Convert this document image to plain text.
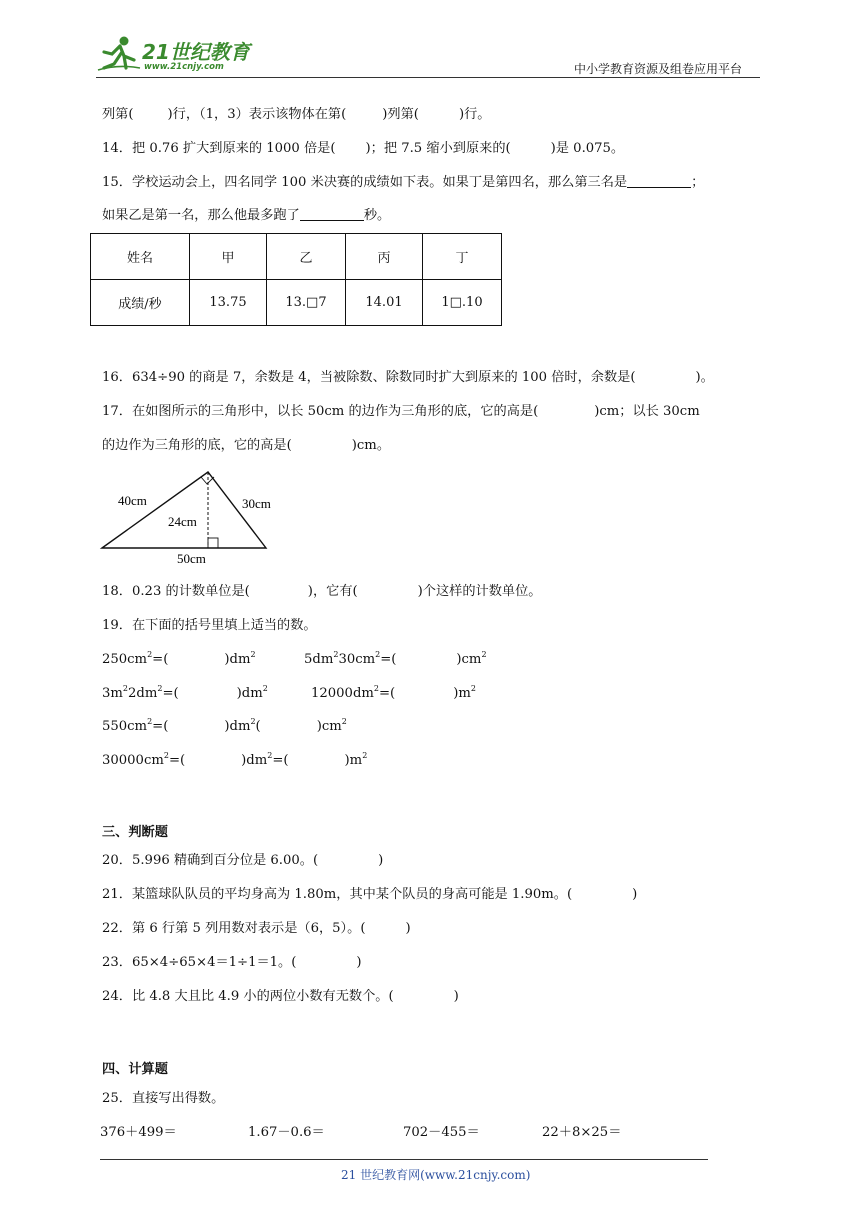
21世纪教育
www.21cnjy.com	中小学教育资源及组卷应用平台
列第(	)行，（1，3）表示该物体在第(	)列第(	)行。
14．把 0.76 扩大到原来的 1000 倍是( )；把 7.5 缩小到原来的(	)是 0.075。
15．学校运动会上，四名同学 100 米决赛的成绩如下表。如果丁是第四名，那么第三名是	；
如果乙是第一名，那么他最多跑了	秒。
姓名	甲	乙	丙	丁
成绩/秒	13.75	13.□7	14.01	1□.10
16．634÷90 的商是 7，余数是 4，当被除数、除数同时扩大到原来的 100 倍时，余数是(	)。
17．在如图所示的三角形中，以长 50cm 的边作为三角形的底，它的高是(	)cm；以长 30cm
的边作为三角形的底，它的高是(	)cm。
40cm	30cm
24cm
50cm
18．0.23 的计数单位是(	)，它有(	)个这样的计数单位。
19．在下面的括号里填上适当的数。
$250cm^2=$(	)$dm^2$	$5dm^230cm^2=$(	)$cm^2$
$3m^22dm^2=$(	)$dm^2$	$12000dm^2=$(	)$m^2$
$550cm^2=$(	)$dm^2$(	)$cm^2$
$30000cm^2=$(	)$dm^2=$(	)$m^2$
三、判断题
20．5.996 精确到百分位是 6.00。(	)
21．某篮球队队员的平均身高为 1.80m，其中某个队员的身高可能是 1.90m。(	)
22．第 6 行第 5 列用数对表示是（6，5）。(	)
23．65×4÷65×4＝1÷1＝1。(	)
24．比 4.8 大且比 4.9 小的两位小数有无数个。(	)
四、计算题
25．直接写出得数。
376＋499＝	1.67－0.6＝	702－455＝	22＋8×25＝
21 世纪教育网(www.21cnjy.com)
